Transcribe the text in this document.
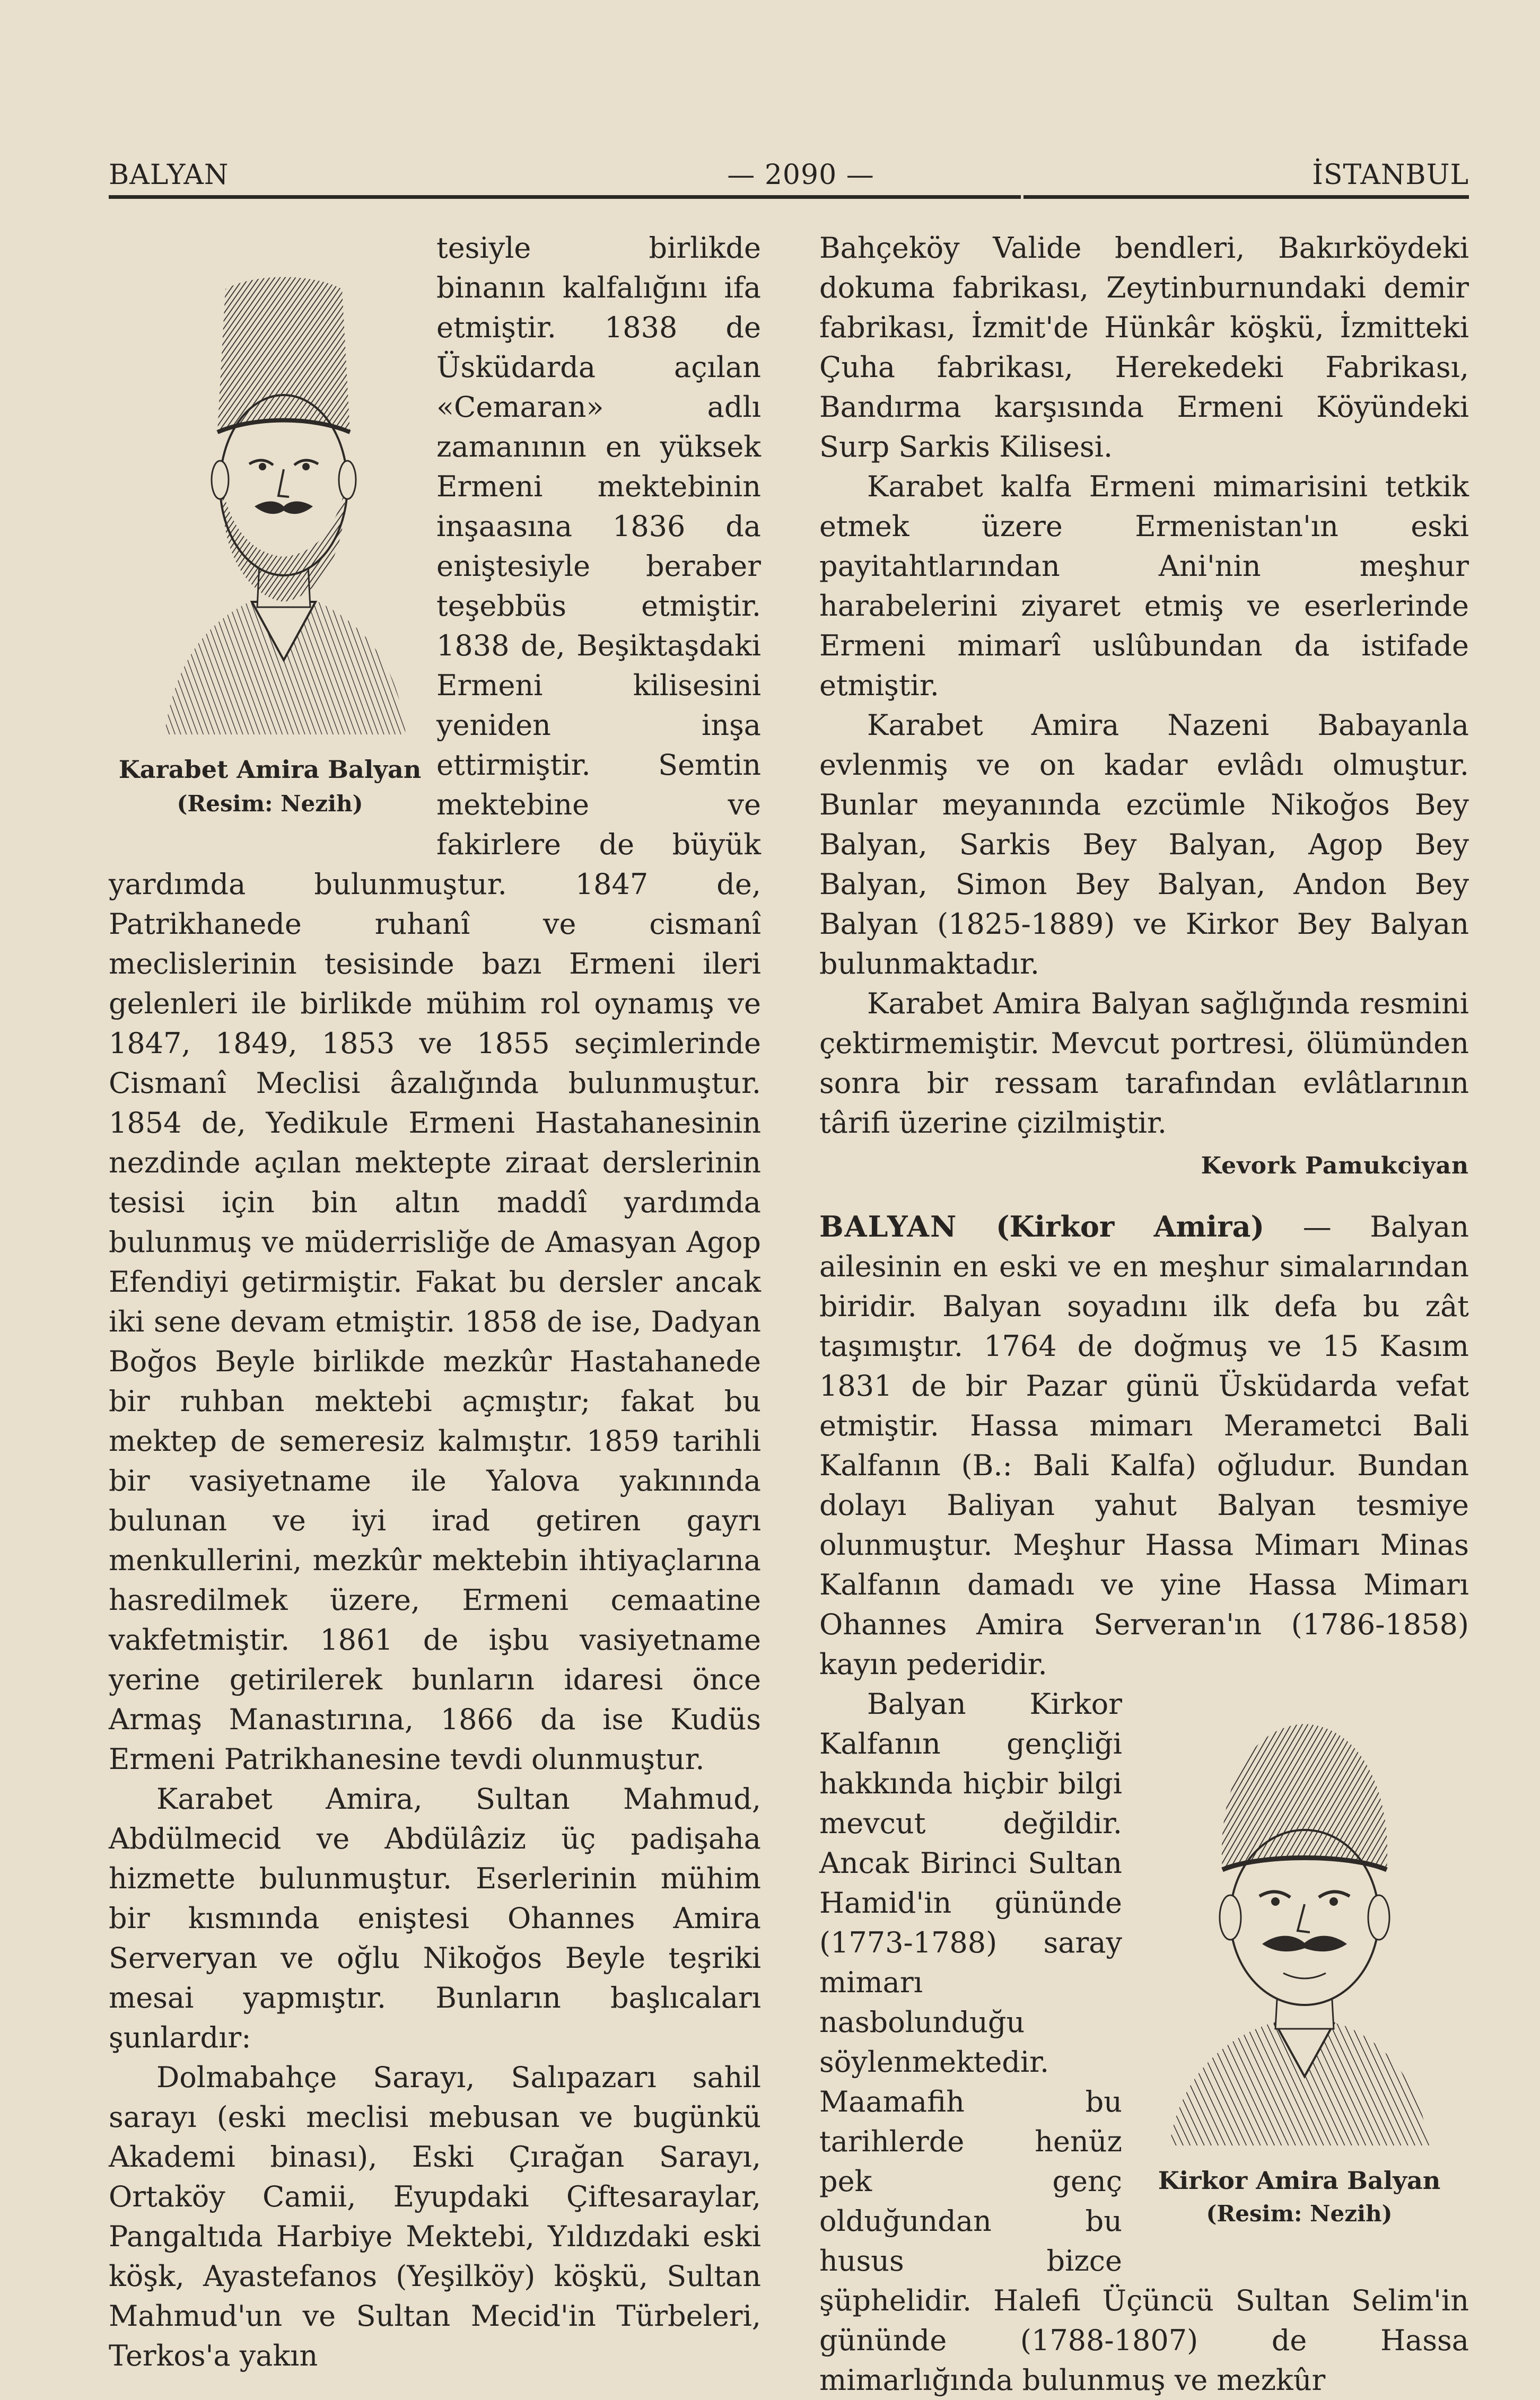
BALYAN	— 2090 —	İSTANBUL
Karabet Amira Balyan
(Resim: Nezih)

tesiyle birlikde binanın kalfalığını ifa etmiştir. 1838 de Üsküdarda açılan «Cemaran» adlı zamanının en yüksek Ermeni mektebinin inşaasına 1836 da eniştesiyle beraber teşebbüs etmiştir. 1838 de, Beşiktaşdaki Ermeni kilisesini yeniden inşa ettirmiştir. Semtin mektebine ve fakirlere de büyük yardımda bulunmuştur. 1847 de, Patrikhanede ruhanî ve cismanî meclislerinin tesisinde bazı Ermeni ileri gelenleri ile birlikde mühim rol oynamış ve 1847, 1849, 1853 ve 1855 seçimlerinde Cismanî Meclisi âzalığında bulunmuştur. 1854 de, Yedikule Ermeni Hastahanesinin nezdinde açılan mektepte ziraat derslerinin tesisi için bin altın maddî yardımda bulunmuş ve müderrisliğe de Amasyan Agop Efendiyi getirmiştir. Fakat bu dersler ancak iki sene devam etmiştir. 1858 de ise, Dadyan Boğos Beyle birlikde mezkûr Hastahanede bir ruhban mektebi açmıştır; fakat bu mektep de semeresiz kalmıştır. 1859 tarihli bir vasiyetname ile Yalova yakınında bulunan ve iyi irad getiren gayrı menkullerini, mezkûr mektebin ihtiyaçlarına hasredilmek üzere, Ermeni cemaatine vakfetmiştir. 1861 de işbu vasiyetname yerine getirilerek bunların idaresi önce Armaş Manastırına, 1866 da ise Kudüs Ermeni Patrikhanesine tevdi olunmuştur.

Karabet Amira, Sultan Mahmud, Abdülmecid ve Abdülâziz üç padişaha hizmette bulunmuştur. Eserlerinin mühim bir kısmında eniştesi Ohannes Amira Serveryan ve oğlu Nikoğos Beyle teşriki mesai yapmıştır. Bunların başlıcaları şunlardır:

Dolmabahçe Sarayı, Salıpazarı sahil sarayı (eski meclisi mebusan ve bugünkü Akademi binası), Eski Çırağan Sarayı, Ortaköy Camii, Eyupdaki Çiftesaraylar, Pangaltıda Harbiye Mektebi, Yıldızdaki eski köşk, Ayastefanos (Yeşilköy) köşkü, Sultan Mahmud'un ve Sultan Mecid'in Türbeleri, Terkos'a yakın

Bahçeköy Valide bendleri, Bakırköydeki dokuma fabrikası, Zeytinburnundaki demir fabrikası, İzmit'de Hünkâr köşkü, İzmitteki Çuha fabrikası, Herekedeki Fabrikası, Bandırma karşısında Ermeni Köyündeki Surp Sarkis Kilisesi.

Karabet kalfa Ermeni mimarisini tetkik etmek üzere Ermenistan'ın eski payitahtlarından Ani'nin meşhur harabelerini ziyaret etmiş ve eserlerinde Ermeni mimarî uslûbundan da istifade etmiştir.

Karabet Amira Nazeni Babayanla evlenmiş ve on kadar evlâdı olmuştur. Bunlar meyanında ezcümle Nikoğos Bey Balyan, Sarkis Bey Balyan, Agop Bey Balyan, Simon Bey Balyan, Andon Bey Balyan (1825-1889) ve Kirkor Bey Balyan bulunmaktadır.

Karabet Amira Balyan sağlığında resmini çektirmemiştir. Mevcut portresi, ölümünden sonra bir ressam tarafından evlâtlarının târifi üzerine çizilmiştir.

Kevork Pamukciyan

BALYAN (Kirkor Amira) — Balyan ailesinin en eski ve en meşhur simalarından biridir. Balyan soyadını ilk defa bu zât taşımıştır. 1764 de doğmuş ve 15 Kasım 1831 de bir Pazar günü Üsküdarda vefat etmiştir. Hassa mimarı Merametci Bali Kalfanın (B.: Bali Kalfa) oğludur. Bundan dolayı Baliyan yahut Balyan tesmiye olunmuştur. Meşhur Hassa Mimarı Minas Kalfanın damadı ve yine Hassa Mimarı Ohannes Amira Serveran'ın (1786-1858) kayın pederidir.

Kirkor Amira Balyan
(Resim: Nezih)
Balyan Kirkor Kalfanın gençliği hakkında hiçbir bilgi mevcut değildir. Ancak Birinci Sultan Hamid'in günü̇nde (1773-1788) saray mimarı nasbolunduğu söylenmektedir. Maamafih bu tarihlerde henüz pek genç olduğundan bu husus bizce şüphelidir. Halefi Üçüncü Sultan Selim'in gününde (1788-1807) de Hassa mimarlığında bulunmuş ve mezkûr
